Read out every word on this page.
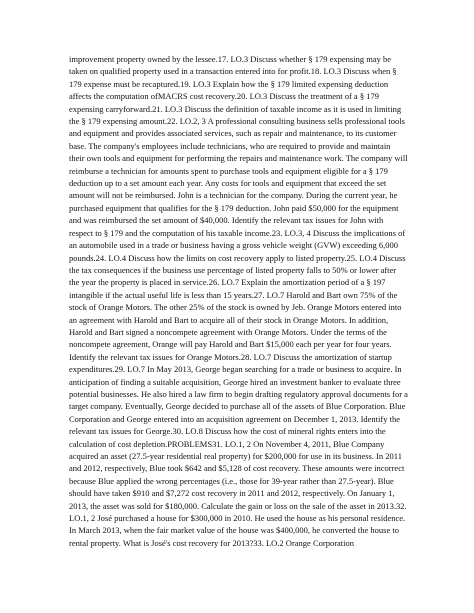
improvement property owned by the lessee.17. LO.3 Discuss whether § 179 expensing may be taken on qualified property used in a transaction entered into for profit.18. LO.3 Discuss when § 179 expense must be recaptured.19. LO.3 Explain how the § 179 limited expensing deduction affects the computation ofMACRS cost recovery.20. LO.3 Discuss the treatment of a § 179 expensing carryforward.21. LO.3 Discuss the definition of taxable income as it is used in limiting the § 179 expensing amount.22. LO.2, 3 A professional consulting business sells professional tools and equipment and provides associated services, such as repair and maintenance, to its customer base. The company's employees include technicians, who are required to provide and maintain their own tools and equipment for performing the repairs and maintenance work. The company will reimburse a technician for amounts spent to purchase tools and equipment eligible for a § 179 deduction up to a set amount each year. Any costs for tools and equipment that exceed the set amount will not be reimbursed. John is a technician for the company. During the current year, he purchased equipment that qualifies for the § 179 deduction. John paid $50,000 for the equipment and was reimbursed the set amount of $40,000. Identify the relevant tax issues for John with respect to § 179 and the computation of his taxable income.23. LO.3, 4 Discuss the implications of an automobile used in a trade or business having a gross vehicle weight (GVW) exceeding 6,000 pounds.24. LO.4 Discuss how the limits on cost recovery apply to listed property.25. LO.4 Discuss the tax consequences if the business use percentage of listed property falls to 50% or lower after the year the property is placed in service.26. LO.7 Explain the amortization period of a § 197 intangible if the actual useful life is less than 15 years.27. LO.7 Harold and Bart own 75% of the stock of Orange Motors. The other 25% of the stock is owned by Jeb. Orange Motors entered into an agreement with Harold and Bart to acquire all of their stock in Orange Motors. In addition, Harold and Bart signed a noncompete agreement with Orange Motors. Under the terms of the noncompete agreement, Orange will pay Harold and Bart $15,000 each per year for four years. Identify the relevant tax issues for Orange Motors.28. LO.7 Discuss the amortization of startup expenditures.29. LO.7 In May 2013, George began searching for a trade or business to acquire. In anticipation of finding a suitable acquisition, George hired an investment banker to evaluate three potential businesses. He also hired a law firm to begin drafting regulatory approval documents for a target company. Eventually, George decided to purchase all of the assets of Blue Corporation. Blue Corporation and George entered into an acquisition agreement on December 1, 2013. Identify the relevant tax issues for George.30. LO.8 Discuss how the cost of mineral rights enters into the calculation of cost depletion.PROBLEMS31. LO.1, 2 On November 4, 2011, Blue Company acquired an asset (27.5-year residential real property) for $200,000 for use in its business. In 2011 and 2012, respectively, Blue took $642 and $5,128 of cost recovery. These amounts were incorrect because Blue applied the wrong percentages (i.e., those for 39-year rather than 27.5-year). Blue should have taken $910 and $7,272 cost recovery in 2011 and 2012, respectively. On January 1, 2013, the asset was sold for $180,000. Calculate the gain or loss on the sale of the asset in 2013.32. LO.1, 2 José purchased a house for $300,000 in 2010. He used the house as his personal residence. In March 2013, when the fair market value of the house was $400,000, he converted the house to rental property. What is José's cost recovery for 2013?33. LO.2 Orange Corporation
